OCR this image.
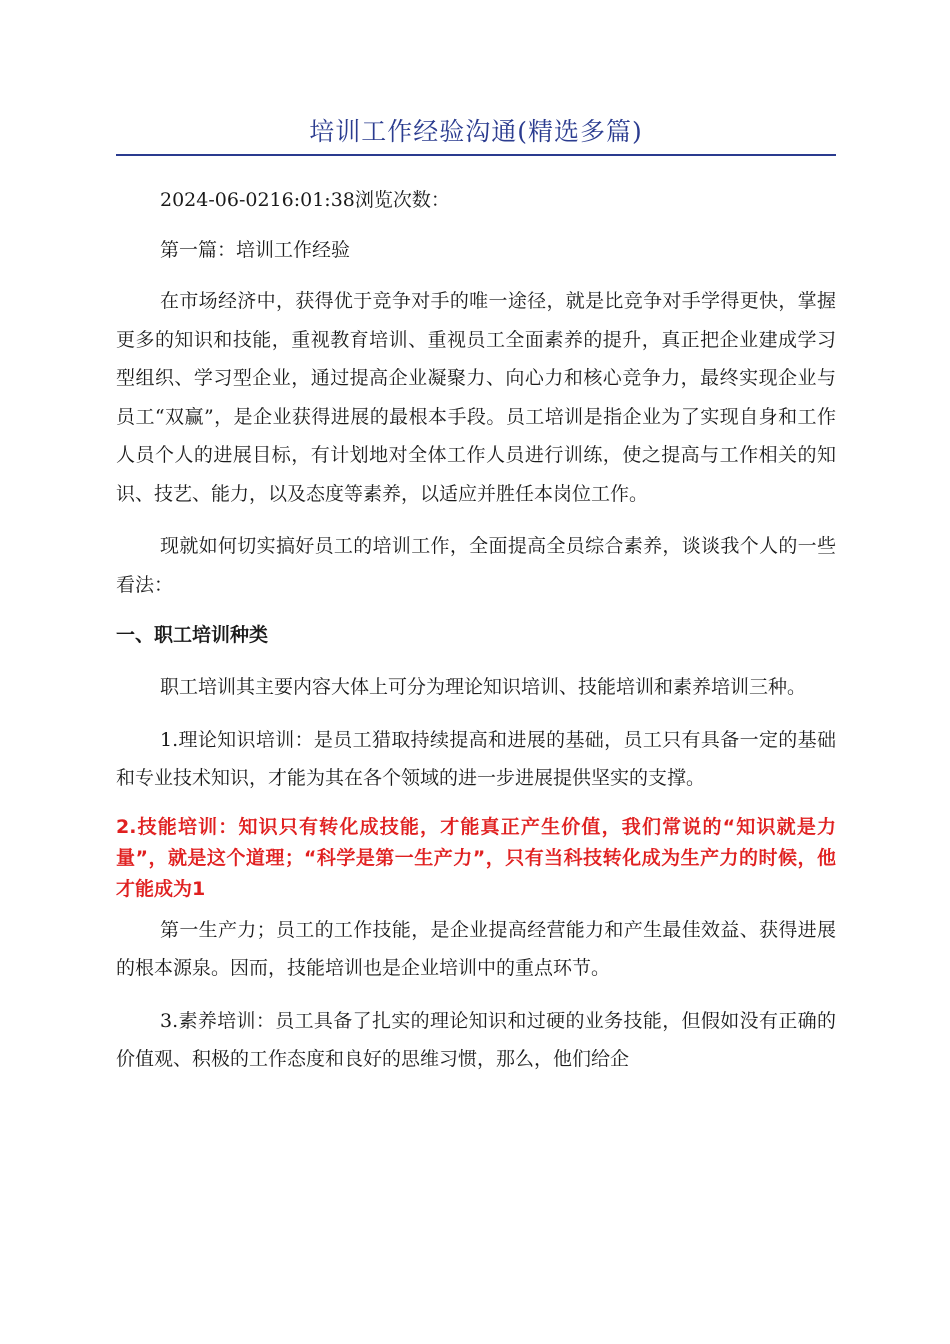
培训工作经验沟通(精选多篇)
2024-06-0216:01:38浏览次数：
第一篇：培训工作经验

在市场经济中，获得优于竞争对手的唯一途径，就是比竞争对手学得更快，掌握更多的知识和技能，重视教育培训、重视员工全面素养的提升，真正把企业建成学习型组织、学习型企业，通过提高企业凝聚力、向心力和核心竞争力，最终实现企业与员工“双赢”，是企业获得进展的最根本手段。员工培训是指企业为了实现自身和工作人员个人的进展目标，有计划地对全体工作人员进行训练，使之提高与工作相关的知识、技艺、能力，以及态度等素养，以适应并胜任本岗位工作。

现就如何切实搞好员工的培训工作，全面提高全员综合素养，谈谈我个人的一些看法：

一、职工培训种类

职工培训其主要内容大体上可分为理论知识培训、技能培训和素养培训三种。

1.理论知识培训：是员工猎取持续提高和进展的基础，员工只有具备一定的基础和专业技术知识，才能为其在各个领域的进一步进展提供坚实的支撑。

2.技能培训：知识只有转化成技能，才能真正产生价值，我们常说的“知识就是力量”，就是这个道理；“科学是第一生产力”，只有当科技转化成为生产力的时候，他才能成为1

第一生产力；员工的工作技能，是企业提高经营能力和产生最佳效益、获得进展的根本源泉。因而，技能培训也是企业培训中的重点环节。

3.素养培训：员工具备了扎实的理论知识和过硬的业务技能，但假如没有正确的价值观、积极的工作态度和良好的思维习惯，那么，他们给企
